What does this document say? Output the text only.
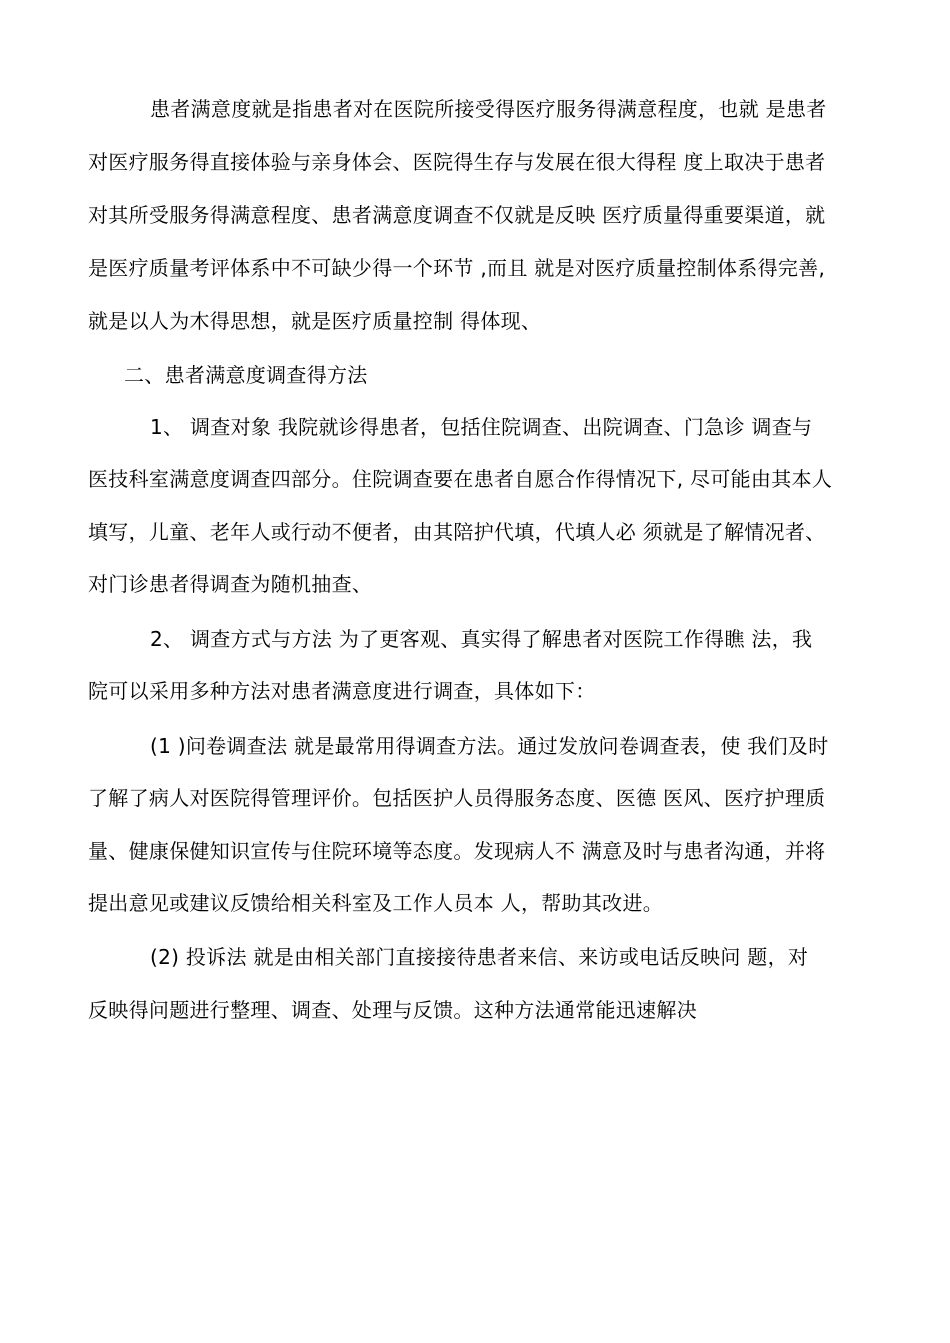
患者满意度就是指患者对在医院所接受得医疗服务得满意程度，也就 是患者
对医疗服务得直接体验与亲身体会、医院得生存与发展在很大得程 度上取决于患者
对其所受服务得满意程度、患者满意度调查不仅就是反映 医疗质量得重要渠道，就
是医疗质量考评体系中不可缺少得一个环节 ,而且 就是对医疗质量控制体系得完善,
就是以人为木得思想，就是医疗质量控制 得体现、
二、患者满意度调查得方法
1、 调查对象 我院就诊得患者，包括住院调查、出院调查、门急诊 调查与
医技科室满意度调查四部分。住院调查要在患者自愿合作得情况下, 尽可能由其本人
填写，儿童、老年人或行动不便者，由其陪护代填，代填人必 须就是了解情况者、
对门诊患者得调查为随机抽查、
2、 调查方式与方法 为了更客观、真实得了解患者对医院工作得瞧 法，我
院可以采用多种方法对患者满意度进行调查，具体如下：
(1 )问卷调查法 就是最常用得调查方法。通过发放问卷调查表，使 我们及时
了解了病人对医院得管理评价。包括医护人员得服务态度、医德 医风、医疗护理质
量、健康保健知识宣传与住院环境等态度。发现病人不 满意及时与患者沟通，并将
提出意见或建议反馈给相关科室及工作人员本 人，帮助其改进。
(2) 投诉法 就是由相关部门直接接待患者来信、来访或电话反映问 题，对
反映得问题进行整理、调查、处理与反馈。这种方法通常能迅速解决
